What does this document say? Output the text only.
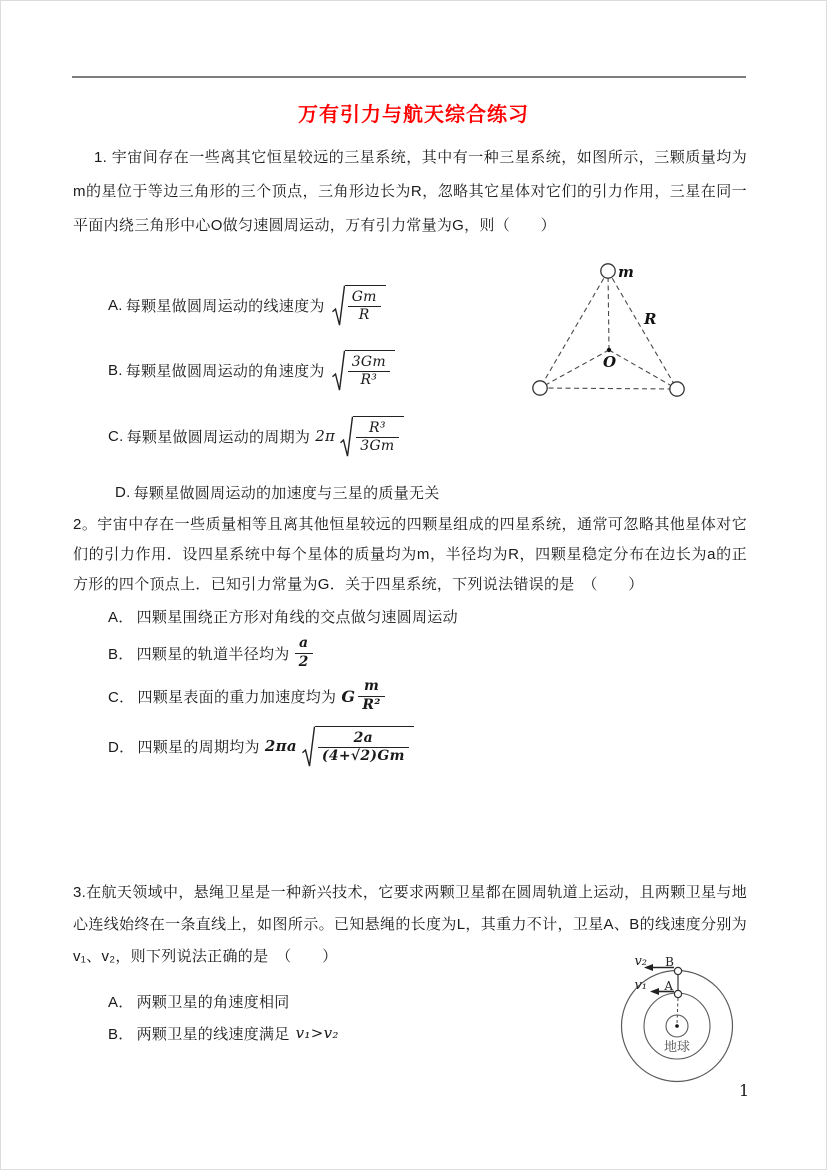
万有引力与航天综合练习

1. 宇宙间存在一些离其它恒星较远的三星系统，其中有一种三星系统，如图所示，三颗质量均为m的星位于等边三角形的三个顶点，三角形边长为R，忽略其它星体对它们的引力作用，三星在同一平面内绕三角形中心O做匀速圆周运动，万有引力常量为G，则（　　）

A. 每颗星做圆周运动的线速度为 $\frac{Gm}{R}$
B. 每颗星做圆周运动的角速度为 $\frac{3Gm}{\text{R³}}$
C. 每颗星做圆周运动的周期为 $2\pi \frac{\text{R³}}{3Gm}$
D. 每颗星做圆周运动的加速度与三星的质量无关
m
R
O

2。宇宙中存在一些质量相等且离其他恒星较远的四颗星组成的四星系统，通常可忽略其他星体对它们的引力作用．设四星系统中每个星体的质量均为m，半径均为R，四颗星稳定分布在边长为a的正方形的四个顶点上．已知引力常量为G．关于四星系统，下列说法错误的是　（　　）

A． 四颗星围绕正方形对角线的交点做匀速圆周运动
B． 四颗星的轨道半径均为 $\frac{a}{2}$
C． 四颗星表面的重力加速度均为 G $\frac{m}{\text{R²}}$
D． 四颗星的周期均为 $2\pi a \frac{2a}{(4+√2)Gm}$

3.在航天领域中，悬绳卫星是一种新兴技术，它要求两颗卫星都在圆周轨道上运动，且两颗卫星与地心连线始终在一条直线上，如图所示。已知悬绳的长度为L，其重力不计，卫星A、B的线速度分别为v₁、v₂，则下列说法正确的是　（　　）

A． 两颗卫星的角速度相同
B． 两颗卫星的线速度满足 v₁>v₂
v₂
v₁
B
A
地球
1
